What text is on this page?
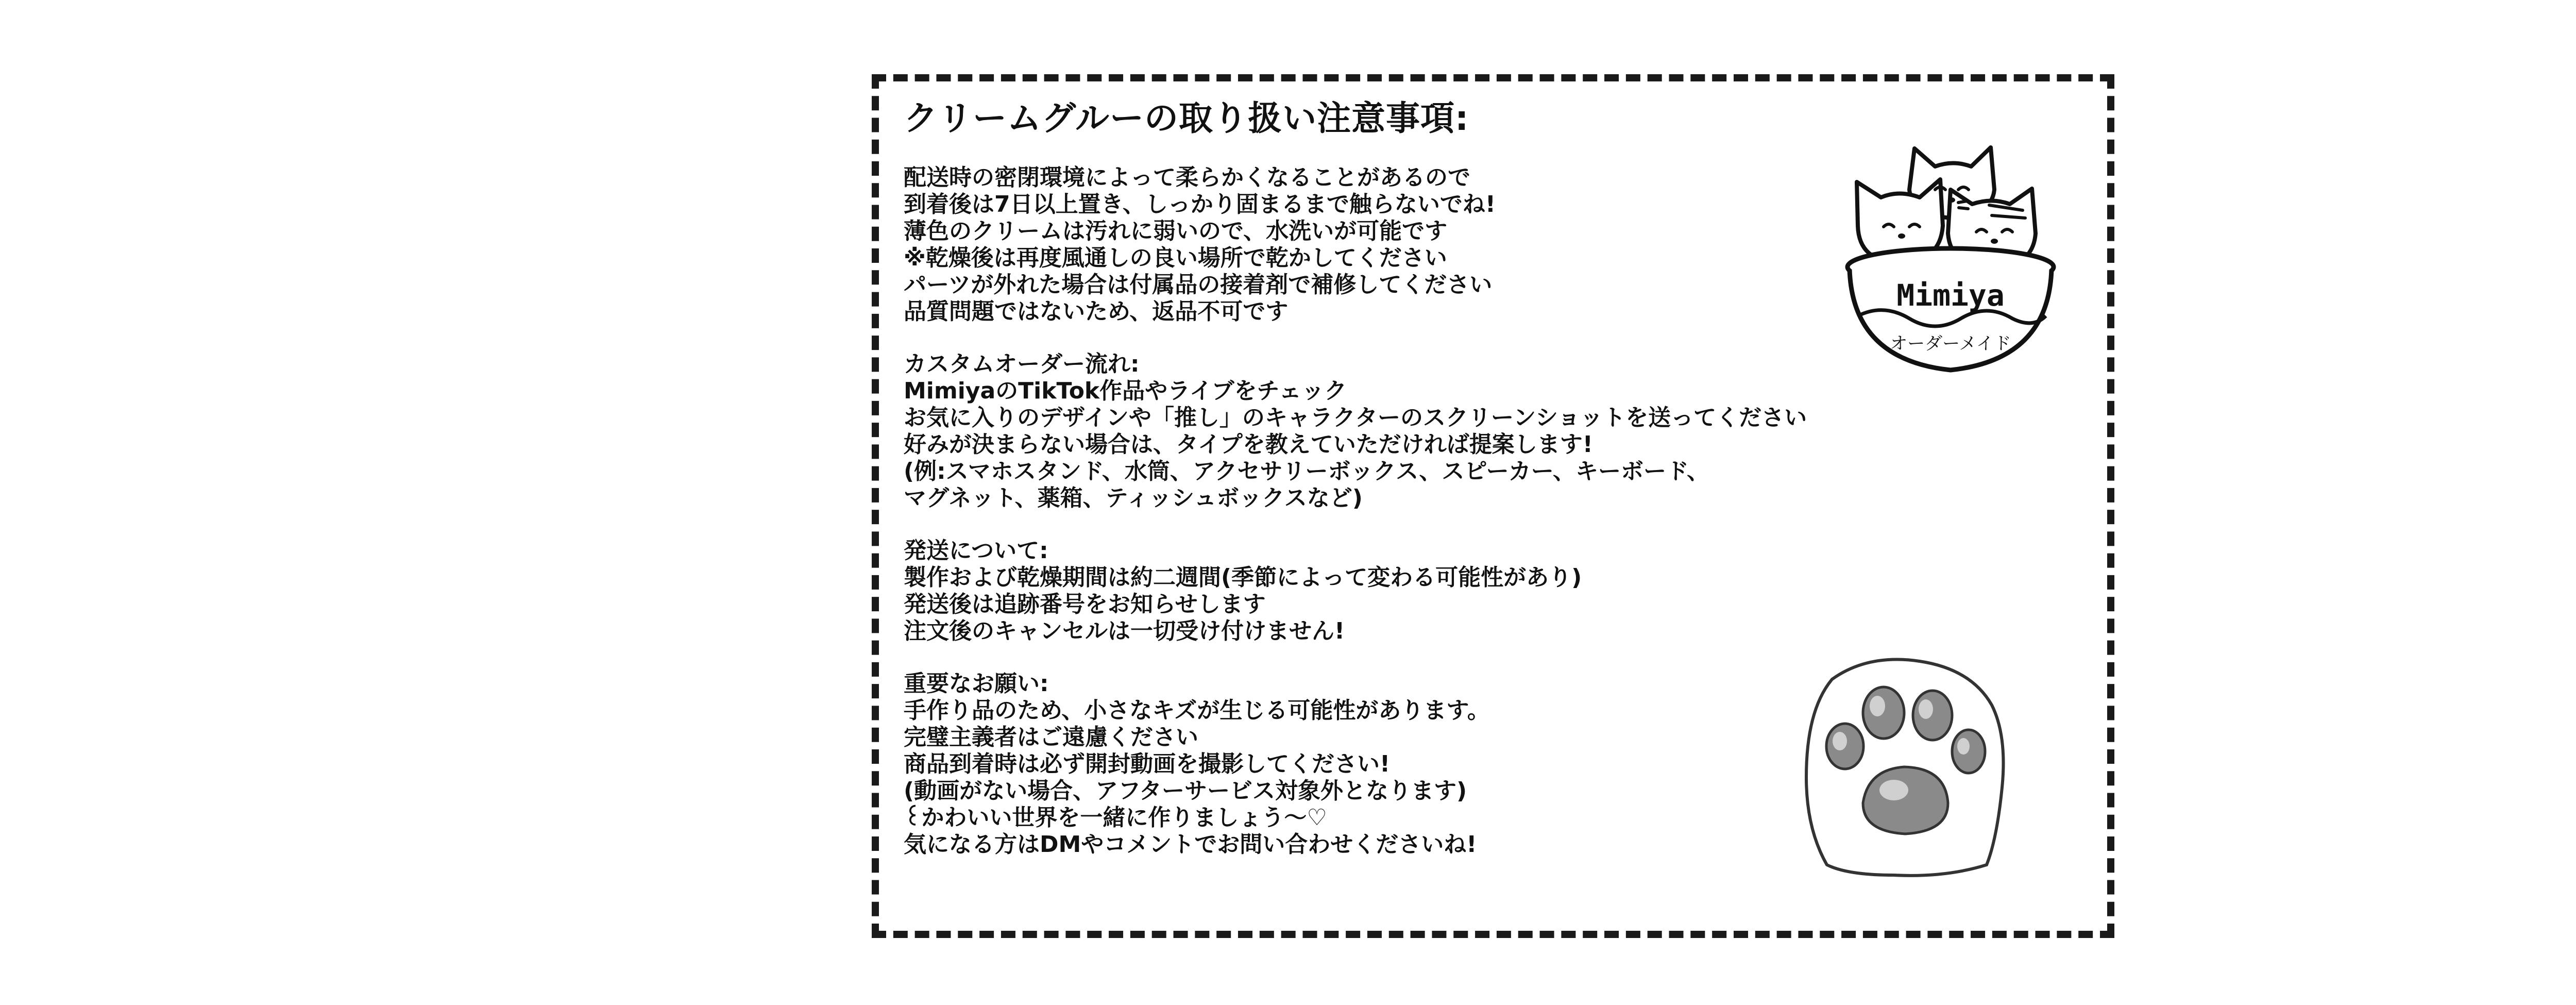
クリームグルーの取り扱い注意事項:
配送時の密閉環境によって柔らかくなることがあるので
到着後は7日以上置き、しっかり固まるまで触らないでね!
薄色のクリームは汚れに弱いので、水洗いが可能です
※乾燥後は再度風通しの良い場所で乾かしてください
パーツが外れた場合は付属品の接着剤で補修してください
品質問題ではないため、返品不可です
カスタムオーダー流れ:
MimiyaのTikTok作品やライブをチェック
お気に入りのデザインや「推し」のキャラクターのスクリーンショットを送ってください
好みが決まらない場合は、タイプを教えていただければ提案します!
(例:スマホスタンド、水筒、アクセサリーボックス、スピーカー、キーボード、
マグネット、薬箱、ティッシュボックスなど)
発送について:
製作および乾燥期間は約二週間(季節によって変わる可能性があり)
発送後は追跡番号をお知らせします
注文後のキャンセルは一切受け付けません!
重要なお願い:
手作り品のため、小さなキズが生じる可能性があります。
完璧主義者はご遠慮ください
商品到着時は必ず開封動画を撮影してください!
(動画がない場合、アフターサービス対象外となります)
꒰かわいい世界を一緒に作りましょう～♡
気になる方はDMやコメントでお問い合わせくださいね!
Mimiya
オーダーメイド
